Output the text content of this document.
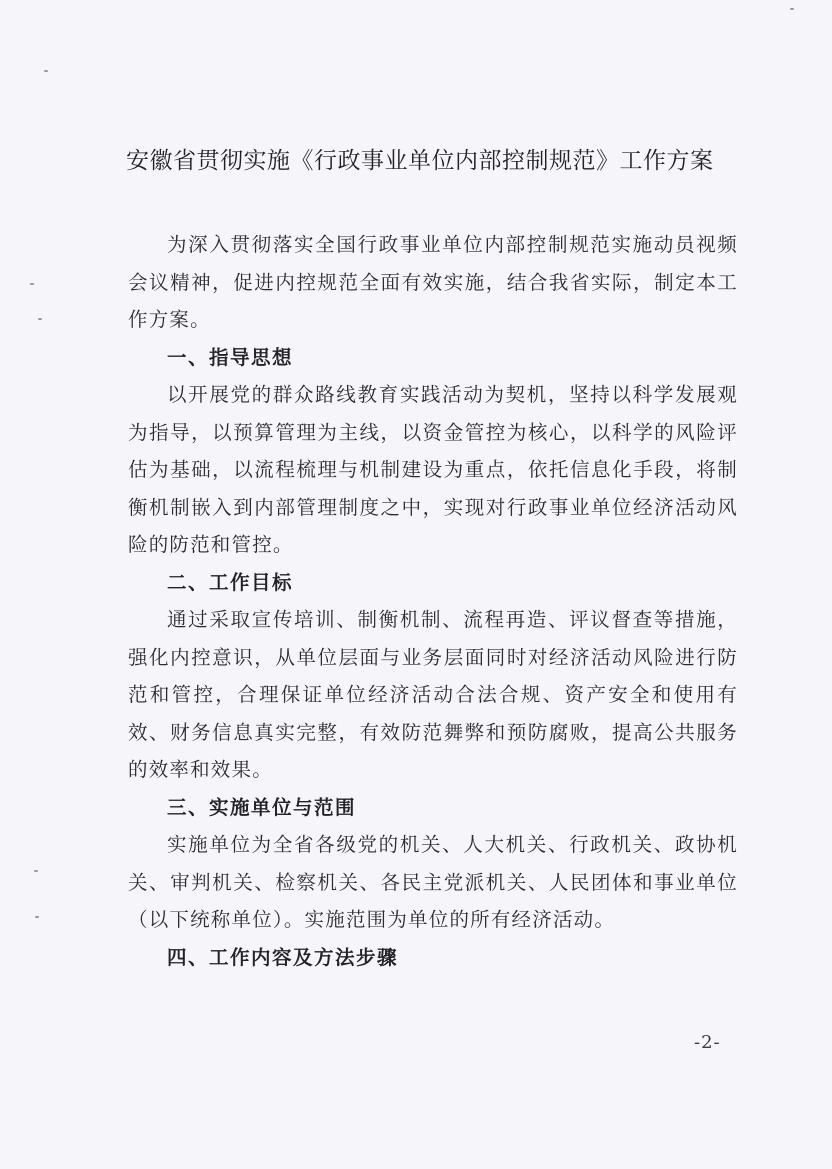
安徽省贯彻实施《行政事业单位内部控制规范》工作方案

为深入贯彻落实全国行政事业单位内部控制规范实施动员视频会议精神，促进内控规范全面有效实施，结合我省实际，制定本工作方案。

一、指导思想

以开展党的群众路线教育实践活动为契机，坚持以科学发展观为指导，以预算管理为主线，以资金管控为核心，以科学的风险评估为基础，以流程梳理与机制建设为重点，依托信息化手段，将制衡机制嵌入到内部管理制度之中，实现对行政事业单位经济活动风险的防范和管控。

二、工作目标

通过采取宣传培训、制衡机制、流程再造、评议督查等措施，强化内控意识，从单位层面与业务层面同时对经济活动风险进行防范和管控，合理保证单位经济活动合法合规、资产安全和使用有效、财务信息真实完整，有效防范舞弊和预防腐败，提高公共服务的效率和效果。

三、实施单位与范围

实施单位为全省各级党的机关、人大机关、行政机关、政协机关、审判机关、检察机关、各民主党派机关、人民团体和事业单位（以下统称单位）。实施范围为单位的所有经济活动。

四、工作内容及方法步骤

-2-
